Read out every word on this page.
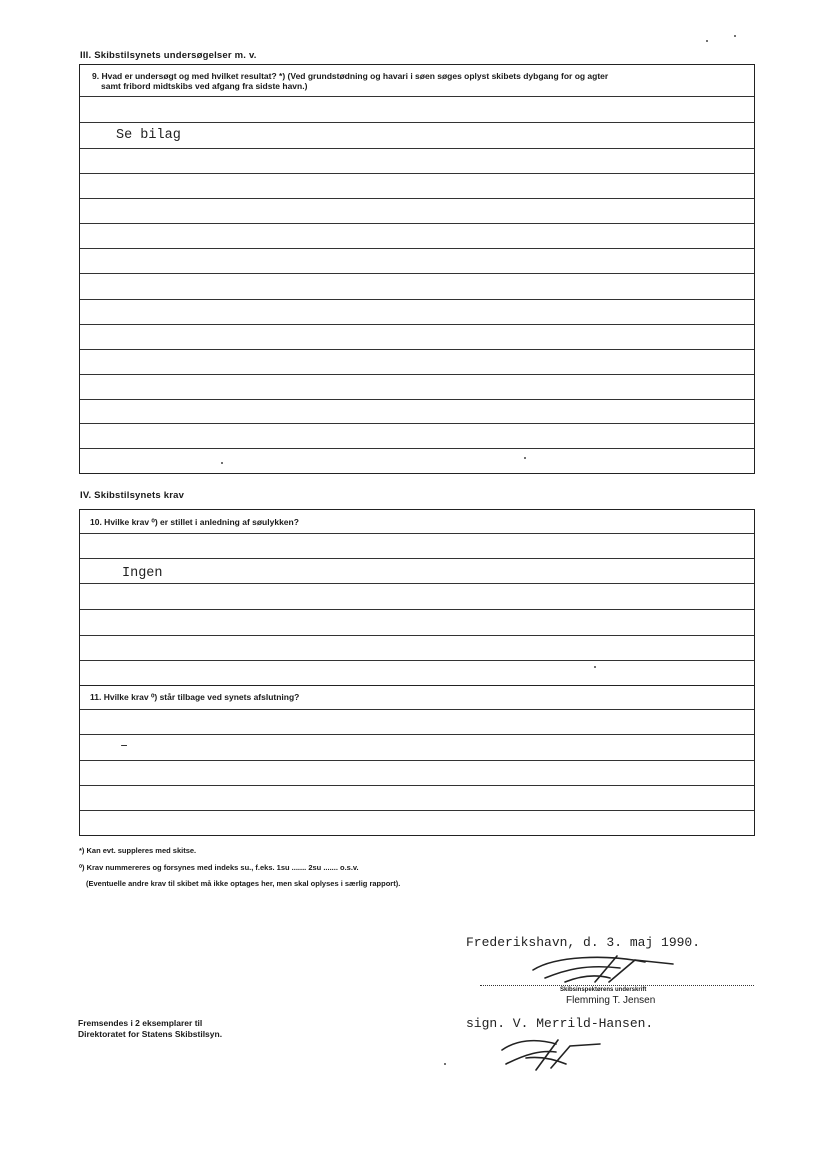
III. Skibstilsynets undersøgelser m. v.
9. Hvad er undersøgt og med hvilket resultat? *) (Ved grundstødning og havari i søen søges oplyst skibets dybgang for og agter
samt fribord midtskibs ved afgang fra sidste havn.)
Se bilag
IV. Skibstilsynets krav
10. Hvilke krav ⁰) er stillet i anledning af søulykken?
Ingen
11. Hvilke krav ⁰) står tilbage ved synets afslutning?
–
*) Kan evt. suppleres med skitse.
⁰) Krav nummereres og forsynes med indeks su., f.eks. 1su ....... 2su ....... o.s.v.
(Eventuelle andre krav til skibet må ikke optages her, men skal oplyses i særlig rapport).
Frederikshavn, d. 3. maj 1990.
Skibsinspektørens underskrift
Flemming T. Jensen
sign. V. Merrild-Hansen.
Fremsendes i 2 eksemplarer til
Direktoratet for Statens Skibstilsyn.
